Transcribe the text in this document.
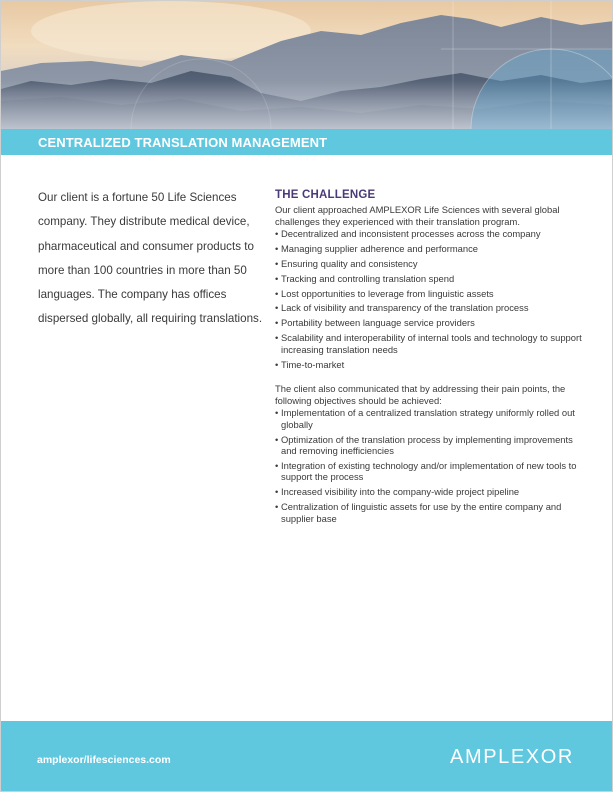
CENTRALIZED TRANSLATION MANAGEMENT
Our client is a fortune 50 Life Sciences company. They distribute medical device, pharmaceutical and consumer products to more than 100 countries in more than 50 languages. The company has offices dispersed globally, all requiring translations.
THE CHALLENGE

Our client approached AMPLEXOR Life Sciences with several global challenges they experienced with their translation program.

• Decentralized and inconsistent processes across the company
• Managing supplier adherence and performance
• Ensuring quality and consistency
• Tracking and controlling translation spend
• Lost opportunities to leverage from linguistic assets
• Lack of visibility and transparency of the translation process
• Portability between language service providers
• Scalability and interoperability of internal tools and technology to support increasing translation needs
• Time-to-market

The client also communicated that by addressing their pain points, the following objectives should be achieved:

• Implementation of a centralized translation strategy uniformly rolled out globally
• Optimization of the translation process by implementing improvements and removing inefficiencies
• Integration of existing technology and/or implementation of new tools to support the process
• Increased visibility into the company-wide project pipeline
• Centralization of linguistic assets for use by the entire company and supplier base
amplexor/lifesciences.com	AMPLEXOR
